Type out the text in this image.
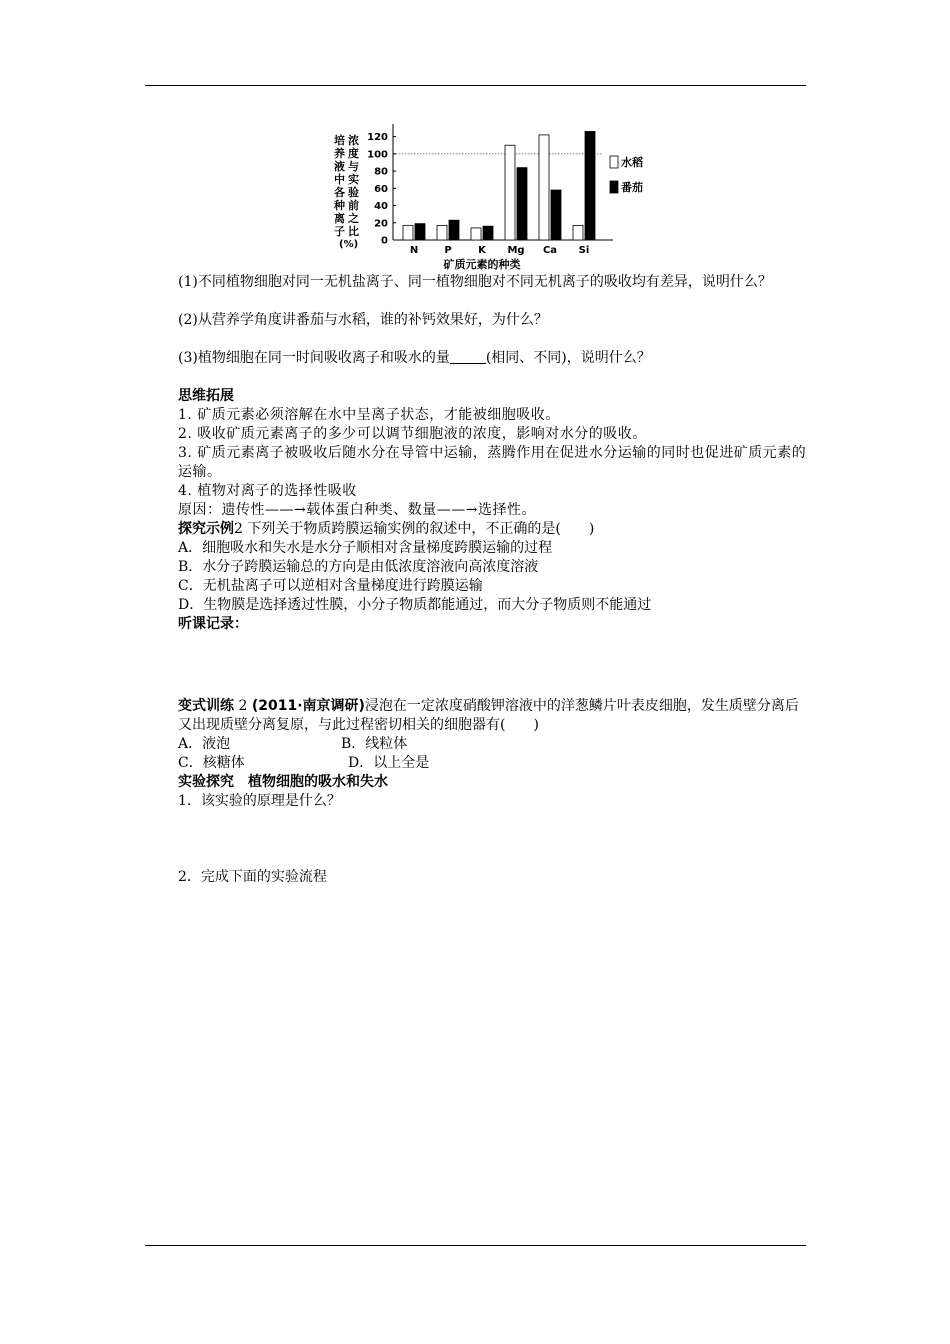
培
养
液
中
各
种
离
子
浓
度
与
实
验
前
之
比
(%) 0
20
40
60
80
100
120
N	P	K Mg Ca Si
矿质元素的种类
水稻
番茄

(1)不同植物细胞对同一无机盐离子、同一植物细胞对不同无机离子的吸收均有差异，说明什么？

(2)从营养学角度讲番茄与水稻，谁的补钙效果好，为什么？

(3)植物细胞在同一时间吸收离子和吸水的量	(相同、不同)，说明什么？

思维拓展

1. 矿质元素必须溶解在水中呈离子状态，才能被细胞吸收。

2. 吸收矿质元素离子的多少可以调节细胞液的浓度，影响对水分的吸收。

3. 矿质元素离子被吸收后随水分在导管中运输，蒸腾作用在促进水分运输的同时也促进矿质元素的运输。

4. 植物对离子的选择性吸收

原因：遗传性——→载体蛋白种类、数量——→选择性。

探究示例2 下列关于物质跨膜运输实例的叙述中，不正确的是(　　)

A．细胞吸水和失水是水分子顺相对含量梯度跨膜运输的过程

B．水分子跨膜运输总的方向是由低浓度溶液向高浓度溶液

C．无机盐离子可以逆相对含量梯度进行跨膜运输

D．生物膜是选择透过性膜，小分子物质都能通过，而大分子物质则不能通过

听课记录：

变式训练 2 (2011·南京调研)浸泡在一定浓度硝酸钾溶液中的洋葱鳞片叶表皮细胞，发生质壁分离后又出现质壁分离复原，与此过程密切相关的细胞器有(　　)

A．液泡	B．线粒体
C．核糖体	D．以上全是

实验探究　植物细胞的吸水和失水

1．该实验的原理是什么？

2．完成下面的实验流程
